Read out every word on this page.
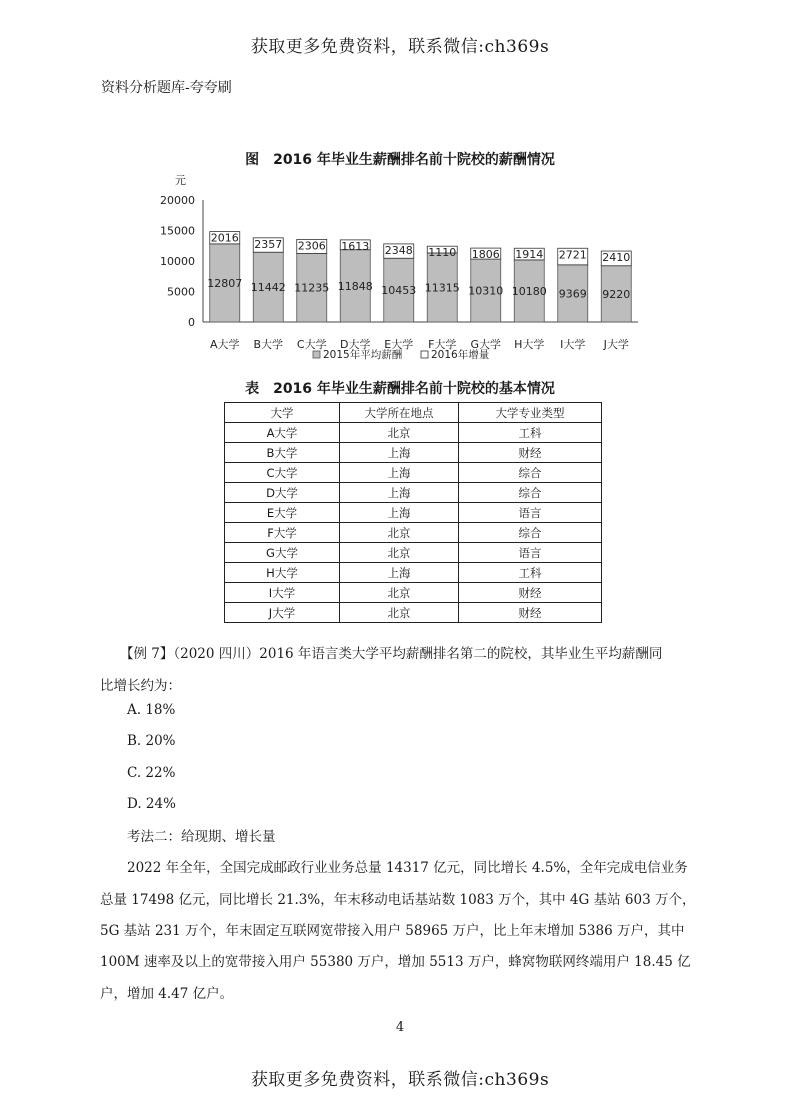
获取更多免费资料，联系微信:ch369s
资料分析题库-夸夸刷
图　2016 年毕业生薪酬排名前十院校的薪酬情况
元
0
5000
10000
15000
20000
12807
2016
A大学
11442
2357
B大学
11235
2306
C大学
11848
1613
D大学
10453
2348
E大学
11315
1110
F大学
10310
1806
G大学
10180
1914
H大学
9369
2721
I大学
9220
2410
J大学
2015年平均薪酬	2016年增量
表　2016 年毕业生薪酬排名前十院校的基本情况
大学	大学所在地点	大学专业类型
A大学	北京	工科
B大学	上海	财经
C大学	上海	综合
D大学	上海	综合
E大学	上海	语言
F大学	北京	综合
G大学	北京	语言
H大学	上海	工科
I大学	北京	财经
J大学	北京	财经
【例 7】（2020 四川）2016 年语言类大学平均薪酬排名第二的院校，其毕业生平均薪酬同
比增长约为：
A. 18%
B. 20%
C. 22%
D. 24%
考法二：给现期、增长量
2022 年全年，全国完成邮政行业业务总量 14317 亿元，同比增长 4.5%，全年完成电信业务
总量 17498 亿元，同比增长 21.3%，年末移动电话基站数 1083 万个，其中 4G 基站 603 万个，
5G 基站 231 万个，年末固定互联网宽带接入用户 58965 万户，比上年末增加 5386 万户，其中
100M 速率及以上的宽带接入用户 55380 万户，增加 5513 万户，蜂窝物联网终端用户 18.45 亿
户，增加 4.47 亿户。
4
获取更多免费资料，联系微信:ch369s
